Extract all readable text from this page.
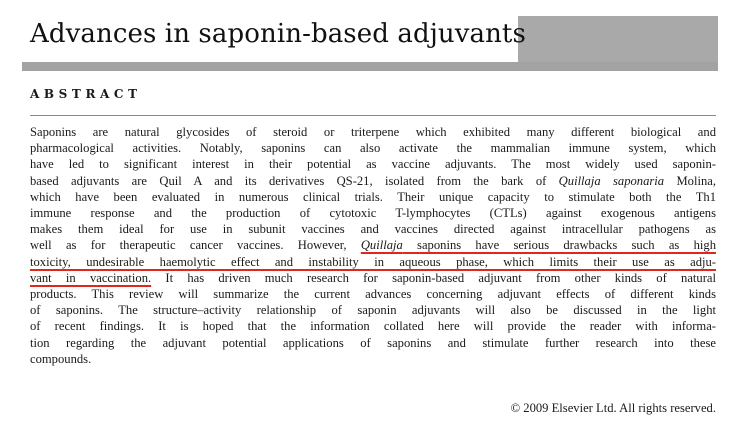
Advances in saponin-based adjuvants
ABSTRACT
Saponins are natural glycosides of steroid or triterpene which exhibited many different biological and
pharmacological activities. Notably, saponins can also activate the mammalian immune system, which
have led to significant interest in their potential as vaccine adjuvants. The most widely used saponin-
based adjuvants are Quil A and its derivatives QS-21, isolated from the bark of Quillaja saponaria Molina,
which have been evaluated in numerous clinical trials. Their unique capacity to stimulate both the Th1
immune response and the production of cytotoxic T-lymphocytes (CTLs) against exogenous antigens
makes them ideal for use in subunit vaccines and vaccines directed against intracellular pathogens as
well as for therapeutic cancer vaccines. However, Quillaja saponins have serious drawbacks such as high
toxicity, undesirable haemolytic effect and instability in aqueous phase, which limits their use as adju-
vant in vaccination. It has driven much research for saponin-based adjuvant from other kinds of natural
products. This review will summarize the current advances concerning adjuvant effects of different kinds
of saponins. The structure–activity relationship of saponin adjuvants will also be discussed in the light
of recent findings. It is hoped that the information collated here will provide the reader with informa-
tion regarding the adjuvant potential applications of saponins and stimulate further research into these
compounds.
© 2009 Elsevier Ltd. All rights reserved.
